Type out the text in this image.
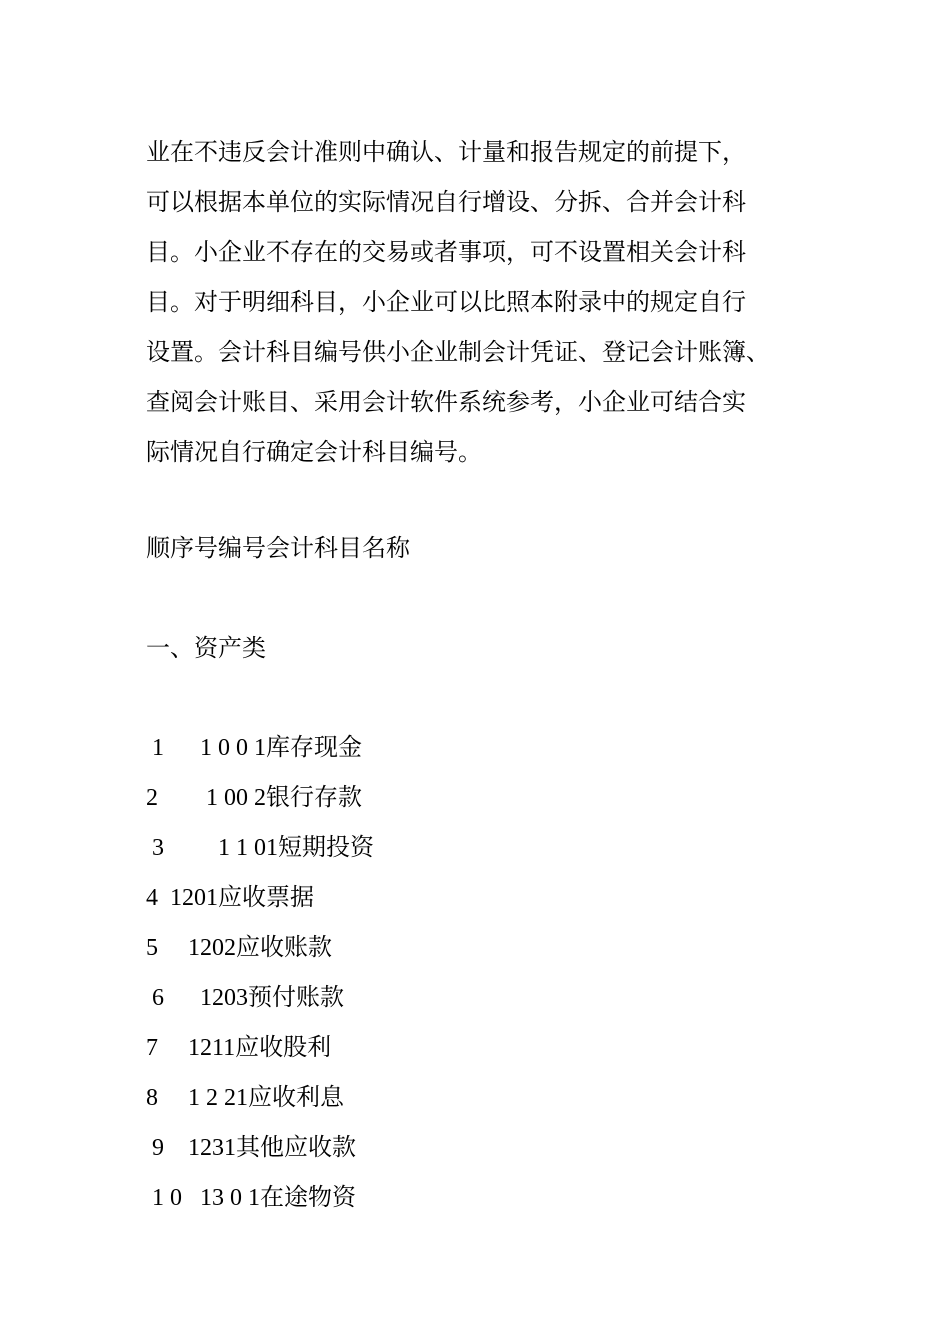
业在不违反会计准则中确认、计量和报告规定的前提下，
可以根据本单位的实际情况自行增设、分拆、合并会计科
目。小企业不存在的交易或者事项，可不设置相关会计科
目。对于明细科目，小企业可以比照本附录中的规定自行
设置。会计科目编号供小企业制会计凭证、登记会计账簿、
查阅会计账目、采用会计软件系统参考，小企业可结合实
际情况自行确定会计科目编号。

顺序号编号会计科目名称

一、资产类

1      1 0 0 1库存现金
2        1 00 2银行存款
3         1 1 01短期投资
4  1201应收票据
5     1202应收账款
6      1203预付账款
7     1211应收股利
8     1 2 21应收利息
9    1231其他应收款
1 0   13 0 1在途物资
